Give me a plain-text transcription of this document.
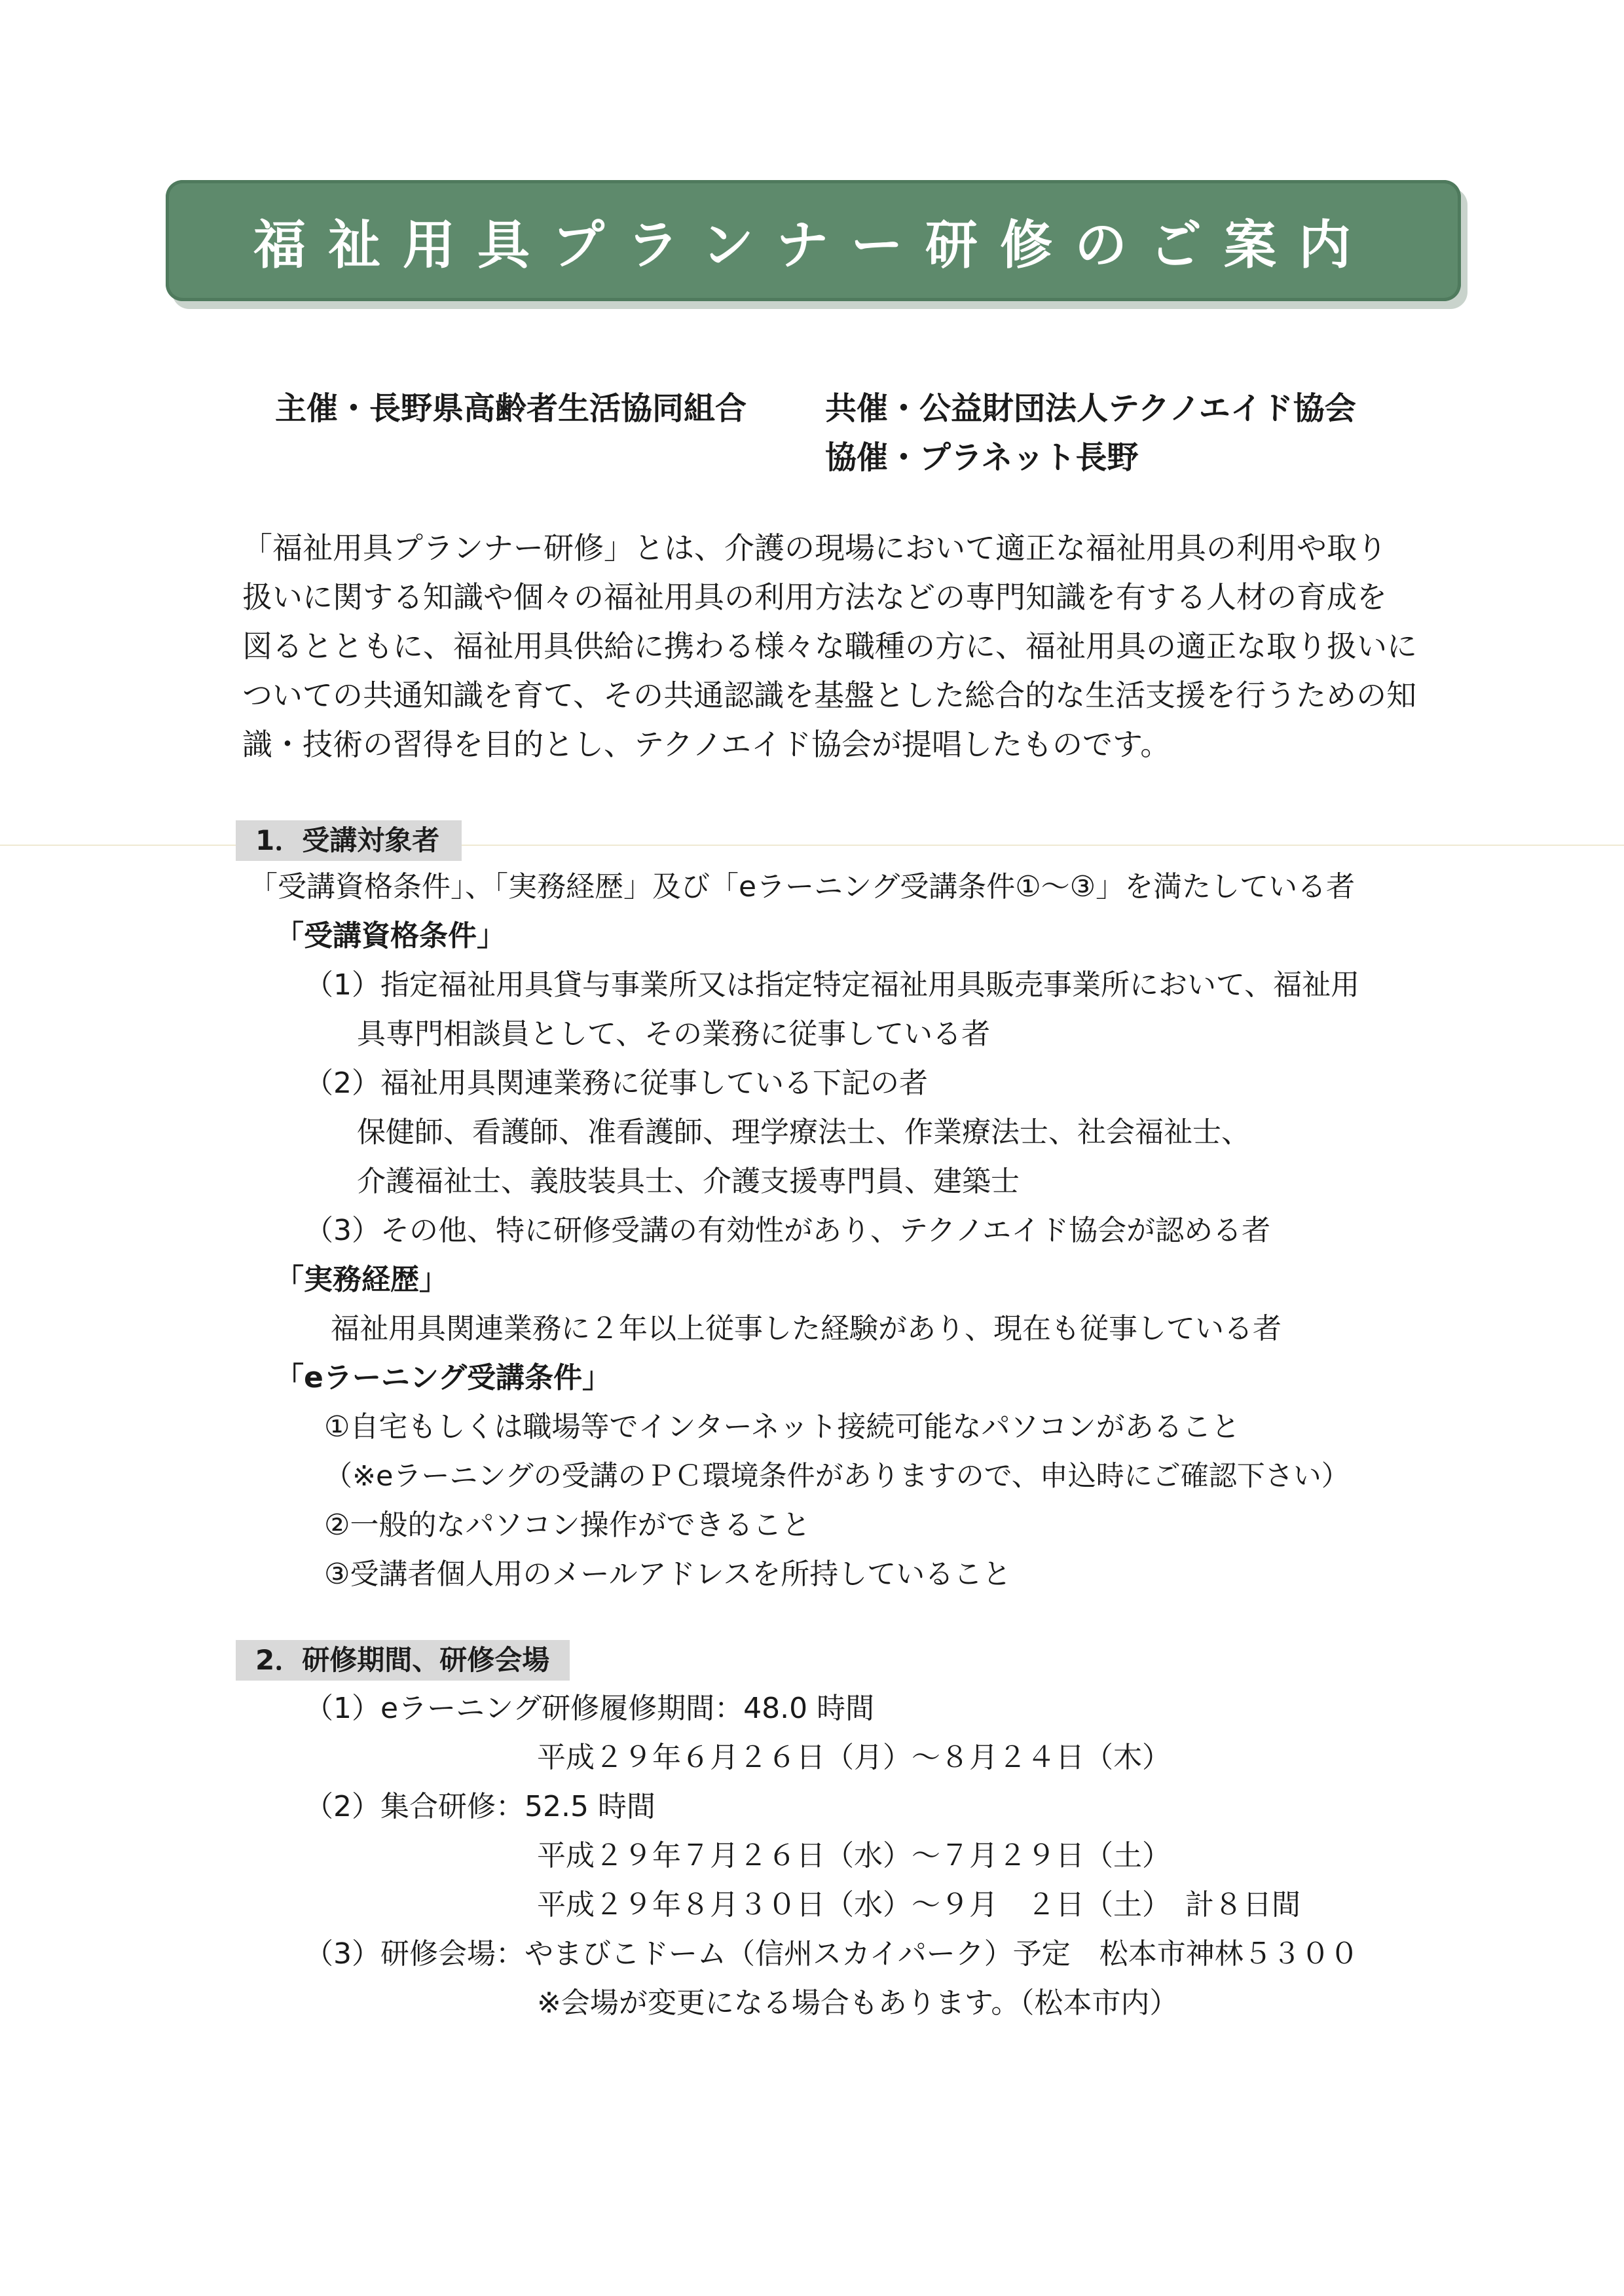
福祉用具プランナー研修のご案内
主催・長野県高齢者生活協同組合 共催・公益財団法人テクノエイド協会
協催・プラネット長野
「福祉用具プランナー研修」とは、介護の現場において適正な福祉用具の利用や取り
扱いに関する知識や個々の福祉用具の利用方法などの専門知識を有する人材の育成を
図るとともに、福祉用具供給に携わる様々な職種の方に、福祉用具の適正な取り扱いに
ついての共通知識を育て、その共通認識を基盤とした総合的な生活支援を行うための知
識・技術の習得を目的とし、テクノエイド協会が提唱したものです。
1．受講対象者
「受講資格条件」、「実務経歴」及び「eラーニング受講条件①～③」を満たしている者
「受講資格条件」
（1）指定福祉用具貸与事業所又は指定特定福祉用具販売事業所において、福祉用
具専門相談員として、その業務に従事している者
（2）福祉用具関連業務に従事している下記の者
保健師、看護師、准看護師、理学療法士、作業療法士、社会福祉士、
介護福祉士、義肢装具士、介護支援専門員、建築士
（3）その他、特に研修受講の有効性があり、テクノエイド協会が認める者
「実務経歴」
福祉用具関連業務に２年以上従事した経験があり、現在も従事している者
「eラーニング受講条件」
①自宅もしくは職場等でインターネット接続可能なパソコンがあること
（※eラーニングの受講のＰＣ環境条件がありますので、申込時にご確認下さい）
②一般的なパソコン操作ができること
③受講者個人用のメールアドレスを所持していること
2．研修期間、研修会場
（1）eラーニング研修履修期間：48.0 時間
平成２９年６月２６日（月）～８月２４日（木）
（2）集合研修：52.5 時間
平成２９年７月２６日（水）～７月２９日（土）
平成２９年８月３０日（水）～９月　２日（土）　計８日間
（3）研修会場：やまびこドーム（信州スカイパーク）予定　松本市神林５３００
※会場が変更になる場合もあります。（松本市内）
